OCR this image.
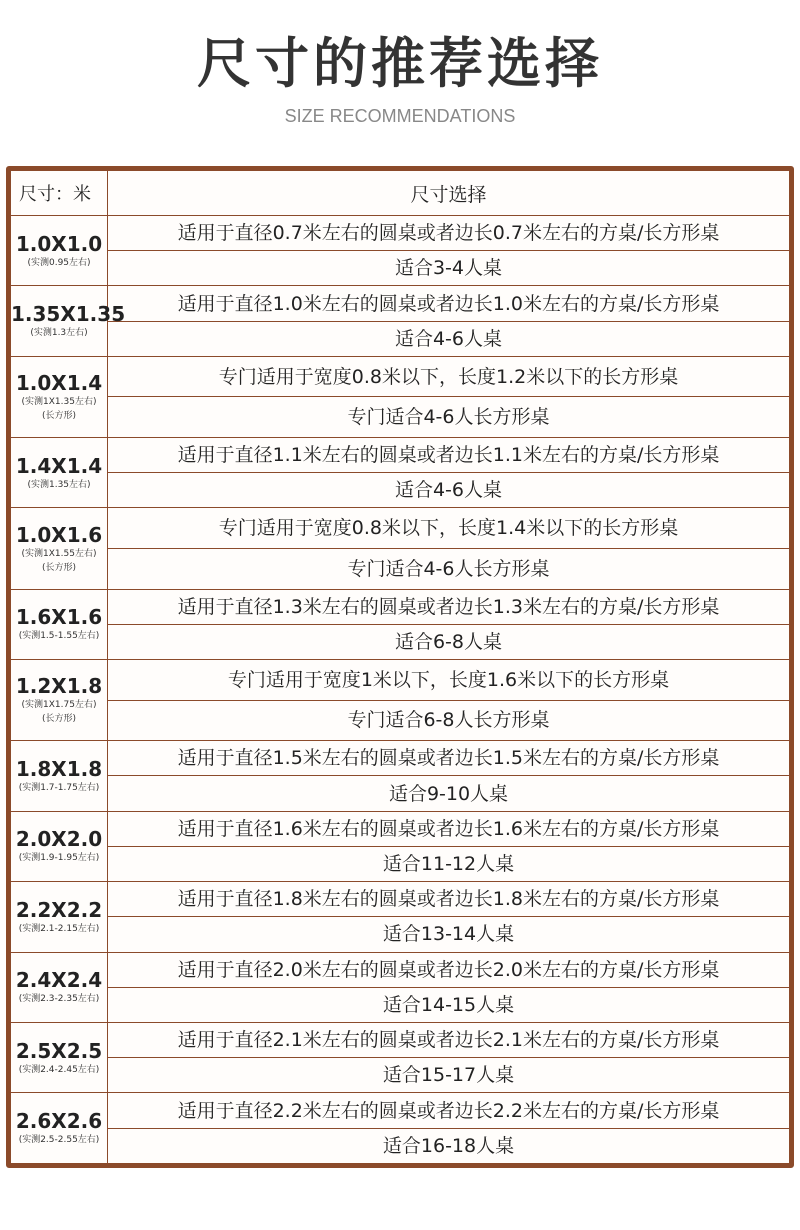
尺寸的推荐选择
SIZE RECOMMENDATIONS
尺寸：米	尺寸选择

1.0X1.0
(实测0.95左右)	适用于直径0.7米左右的圆桌或者边长0.7米左右的方桌/长方形桌
	适合3-4人桌

1.35X1.35
(实测1.3左右)	适用于直径1.0米左右的圆桌或者边长1.0米左右的方桌/长方形桌
	适合4-6人桌

1.0X1.4
(实测1X1.35左右)
(长方形)	专门适用于宽度0.8米以下，长度1.2米以下的长方形桌
	专门适合4-6人长方形桌

1.4X1.4
(实测1.35左右)	适用于直径1.1米左右的圆桌或者边长1.1米左右的方桌/长方形桌
	适合4-6人桌

1.0X1.6
(实测1X1.55左右)
(长方形)	专门适用于宽度0.8米以下，长度1.4米以下的长方形桌
	专门适合4-6人长方形桌

1.6X1.6
(实测1.5-1.55左右)	适用于直径1.3米左右的圆桌或者边长1.3米左右的方桌/长方形桌
	适合6-8人桌

1.2X1.8
(实测1X1.75左右)
(长方形)	专门适用于宽度1米以下，长度1.6米以下的长方形桌
	专门适合6-8人长方形桌

1.8X1.8
(实测1.7-1.75左右)	适用于直径1.5米左右的圆桌或者边长1.5米左右的方桌/长方形桌
	适合9-10人桌

2.0X2.0
(实测1.9-1.95左右)	适用于直径1.6米左右的圆桌或者边长1.6米左右的方桌/长方形桌
	适合11-12人桌

2.2X2.2
(实测2.1-2.15左右)	适用于直径1.8米左右的圆桌或者边长1.8米左右的方桌/长方形桌
	适合13-14人桌

2.4X2.4
(实测2.3-2.35左右)	适用于直径2.0米左右的圆桌或者边长2.0米左右的方桌/长方形桌
	适合14-15人桌

2.5X2.5
(实测2.4-2.45左右)	适用于直径2.1米左右的圆桌或者边长2.1米左右的方桌/长方形桌
	适合15-17人桌

2.6X2.6
(实测2.5-2.55左右)	适用于直径2.2米左右的圆桌或者边长2.2米左右的方桌/长方形桌
	适合16-18人桌
